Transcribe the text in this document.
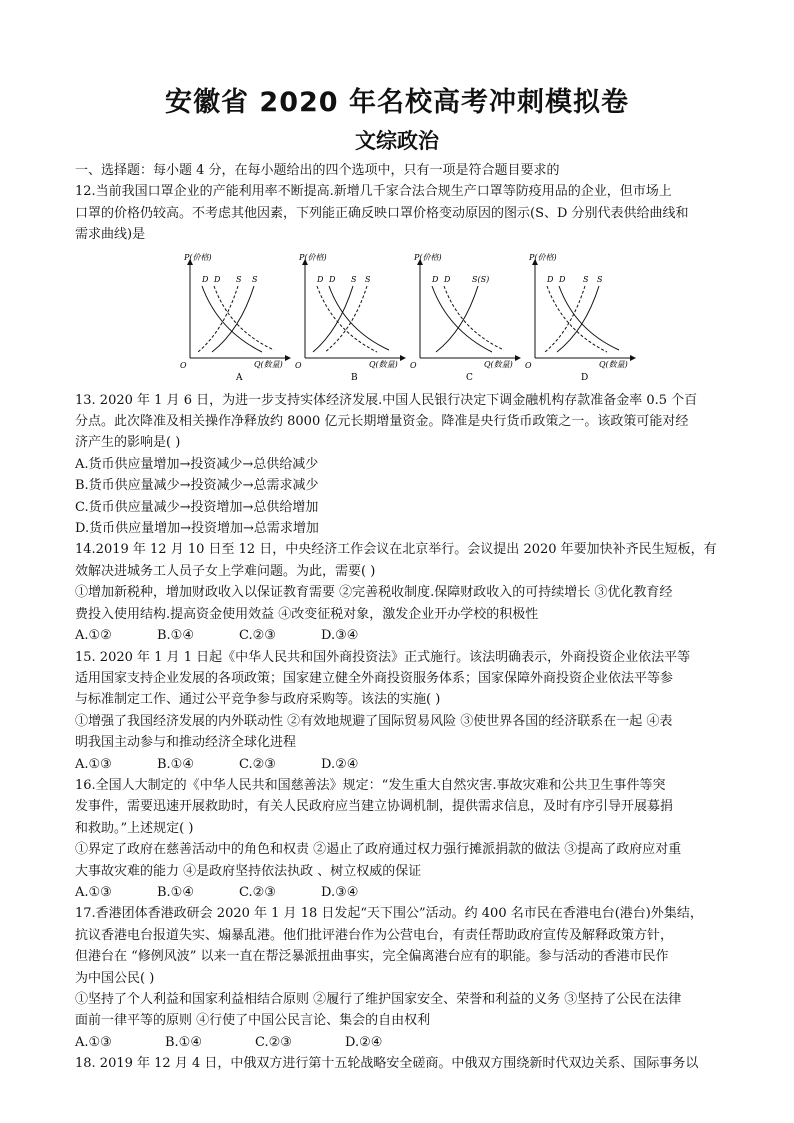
安徽省 2020 年名校高考冲刺模拟卷
文综政治
一、选择题：每小题 4 分，在每小题给出的四个选项中，只有一项是符合题目要求的
12.当前我国口罩企业的产能利用率不断提高.新增几千家合法合规生产口罩等防疫用品的企业，但市场上
口罩的价格仍较高。不考虑其他因素，下列能正确反映口罩价格变动原因的图示(S、D 分别代表供给曲线和
需求曲线)是
P(价格)
O	Q(数量)
D D S S
A
P(价格)
O	Q(数量)
D D S S
B
P(价格)
O	Q(数量)
D D	S(S)
C
P(价格)
O	Q(数量)
D D S S
D
13. 2020 年 1 月 6 日，为进一步支持实体经济发展.中国人民银行决定下调金融机构存款准备金率 0.5 个百
分点。此次降准及相关操作净释放约 8000 亿元长期增量资金。降准是央行货币政策之一。该政策可能对经
济产生的影响是( )
A.货币供应量增加→投资减少→总供给减少
B.货币供应量减少→投资减少→总需求减少
C.货币供应量减少→投资增加→总供给增加
D.货币供应量增加→投资增加→总需求增加
14.2019 年 12 月 10 日至 12 日，中央经济工作会议在北京举行。会议提出 2020 年要加快补齐民生短板，有
效解决进城务工人员子女上学难问题。为此，需要( )
①增加新税种，增加财政收入以保证教育需要 ②完善税收制度.保障财政收入的可持续增长 ③优化教育经
费投入使用结构.提高资金使用效益 ④改变征税对象，激发企业开办学校的积极性
A.①②	B.①④	C.②③	D.③④
15. 2020 年 1 月 1 日起《中华人民共和国外商投资法》正式施行。该法明确表示，外商投资企业依法平等
适用国家支持企业发展的各项政策；国家建立健全外商投资服务体系；国家保障外商投资企业依法平等参
与标准制定工作、通过公平竞争参与政府采购等。该法的实施( )
①增强了我国经济发展的内外联动性 ②有效地规避了国际贸易风险 ③使世界各国的经济联系在一起 ④表
明我国主动参与和推动经济全球化进程
A.①③	B.①④	C.②③	D.②④
16.全国人大制定的《中华人民共和国慈善法》规定：“发生重大自然灾害.事故灾难和公共卫生事件等突
发事件，需要迅速开展救助时，有关人民政府应当建立协调机制，提供需求信息，及时有序引导开展募捐
和救助。”上述规定( )
①界定了政府在慈善活动中的角色和权责 ②遏止了政府通过权力强行摊派捐款的做法 ③提高了政府应对重
大事故灾难的能力 ④是政府坚持依法执政 、树立权威的保证
A.①③	B.①④	C.②③	D.③④
17.香港团体香港政研会 2020 年 1 月 18 日发起“天下围公”活动。约 400 名市民在香港电台(港台)外集结，
抗议香港电台报道失实、煽暴乱港。他们批评港台作为公营电台，有责任帮助政府宣传及解释政策方针，
但港台在 “修例风波” 以来一直在帮泛暴派扭曲事实，完全偏离港台应有的职能。参与活动的香港市民作
为中国公民( )
①坚持了个人利益和国家利益相结合原则 ②履行了维护国家安全、荣誉和利益的义务 ③坚持了公民在法律
面前一律平等的原则 ④行使了中国公民言论、集会的自由权利
A.①③	B.①④	C.②③	D.②④
18. 2019 年 12 月 4 日，中俄双方进行第十五轮战略安全磋商。中俄双方围绕新时代双边关系、国际事务以
